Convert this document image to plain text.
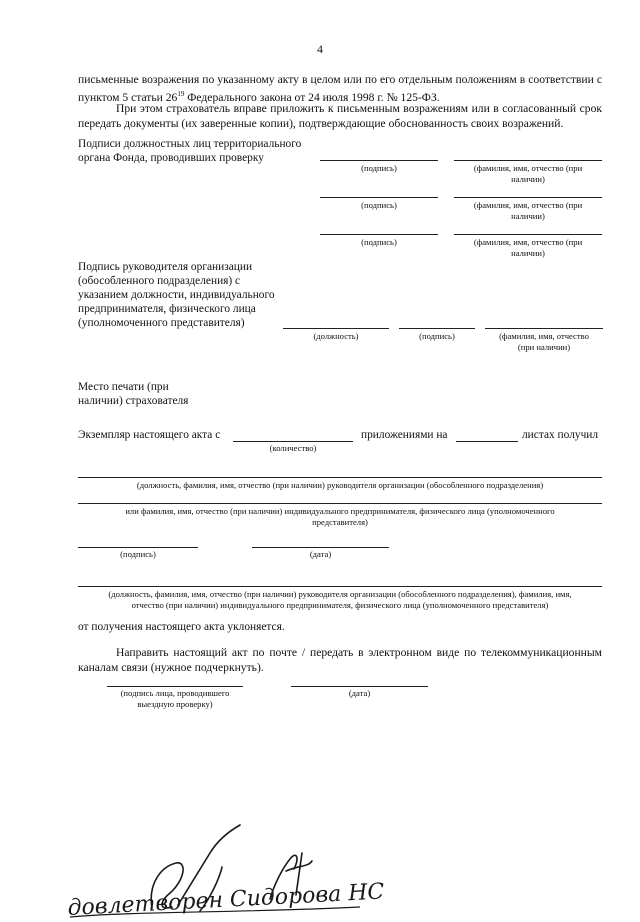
4
письменные возражения по указанному акту в целом или по его отдельным положениям в соответствии с пунктом 5 статьи $26^{19}$ Федерального закона от 24 июля 1998 г. № 125-ФЗ.
При этом страхователь вправе приложить к письменным возражениям или в согласованный срок передать документы (их заверенные копии), подтверждающие обоснованность своих возражений.
Подписи должностных лиц территориального
органа Фонда, проводивших проверку
(подпись)	(фамилия, имя, отчество (при
наличии)
(подпись)	(фамилия, имя, отчество (при
наличии)
(подпись)	(фамилия, имя, отчество (при
наличии)
Подпись руководителя организации
(обособленного подразделения) с
указанием должности, индивидуального
предпринимателя, физического лица
(уполномоченного представителя)
(должность)	(подпись)	(фамилия, имя, отчество
(при наличии)
Место печати (при
наличии) страхователя
Экземпляр настоящего акта с
(количество)
приложениями на	листах получил
(должность, фамилия, имя, отчество (при наличии) руководителя организации (обособленного подразделения)
или фамилия, имя, отчество (при наличии) индивидуального предпринимателя, физического лица (уполномоченного
представителя)
(подпись)	(дата)
(должность, фамилия, имя, отчество (при наличии) руководителя организации (обособленного подразделения), фамилия, имя,
отчество (при наличии) индивидуального предпринимателя, физического лица (уполномоченного представителя)
от получения настоящего акта уклоняется.
Направить настоящий акт по почте / передать в электронном виде по телекоммуникационным каналам связи (нужное подчеркнуть).
(подпись лица, проводившего
выездную проверку)
(дата)
довлетворен Сидорова НС
